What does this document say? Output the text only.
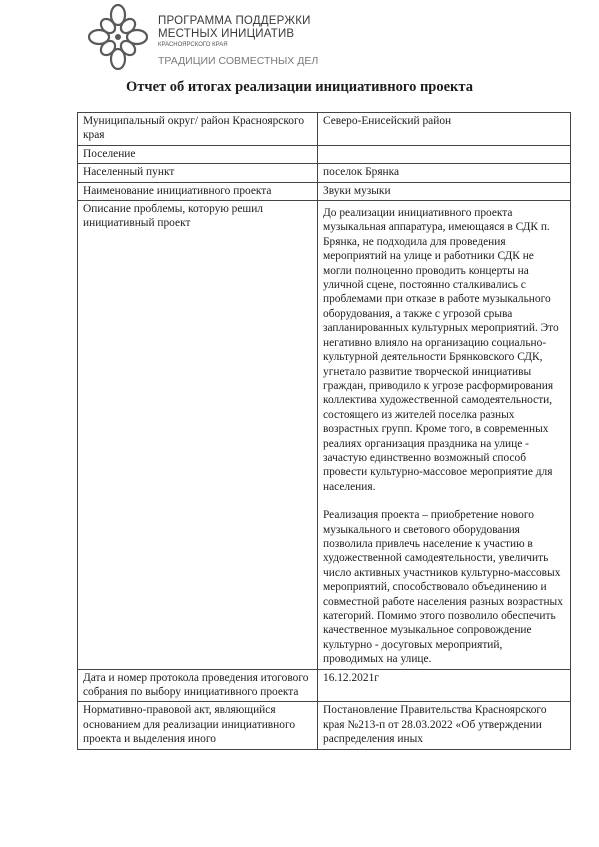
ПРОГРАММА ПОДДЕРЖКИ
МЕСТНЫХ ИНИЦИАТИВ
КРАСНОЯРСКОГО КРАЯ
ТРАДИЦИИ СОВМЕСТНЫХ ДЕЛ
Отчет об итогах реализации инициативного проекта
Муниципальный округ/ район Красноярского края	Северо-Енисейский район
Поселение	
Населенный пункт	поселок Брянка
Наименование инициативного проекта	Звуки музыки
Описание проблемы, которую решил инициативный проект	До реализации инициативного проекта музыкальная аппаратура, имеющаяся в СДК п. Брянка, не подходила для проведения мероприятий на улице и работники СДК не могли полноценно проводить концерты на уличной сцене, постоянно сталкивались с проблемами при отказе в работе музыкального оборудования, а также с угрозой срыва запланированных культурных мероприятий. Это негативно влияло на организацию социально-культурной деятельности Брянковского СДК, угнетало развитие творческой инициативы граждан, приводило к угрозе расформирования коллектива художественной самодеятельности, состоящего из жителей поселка разных возрастных групп. Кроме того, в современных реалиях организация праздника на улице - зачастую единственно возможный способ провести культурно-массовое мероприятие для населения.

Реализация проекта – приобретение нового музыкального и светового оборудования позволила привлечь население к участию в художественной самодеятельности, увеличить число активных участников культурно-массовых мероприятий, способствовало объединению и совместной работе населения разных возрастных категорий. Помимо этого позволило обеспечить качественное музыкальное сопровождение культурно - досуговых мероприятий, проводимых на улице.

Дата и номер протокола проведения итогового собрания по выбору инициативного проекта	16.12.2021г
Нормативно-правовой акт, являющийся основанием для реализации инициативного проекта и выделения иного	Постановление Правительства Красноярского края №213-п от 28.03.2022 «Об утверждении распределения иных
